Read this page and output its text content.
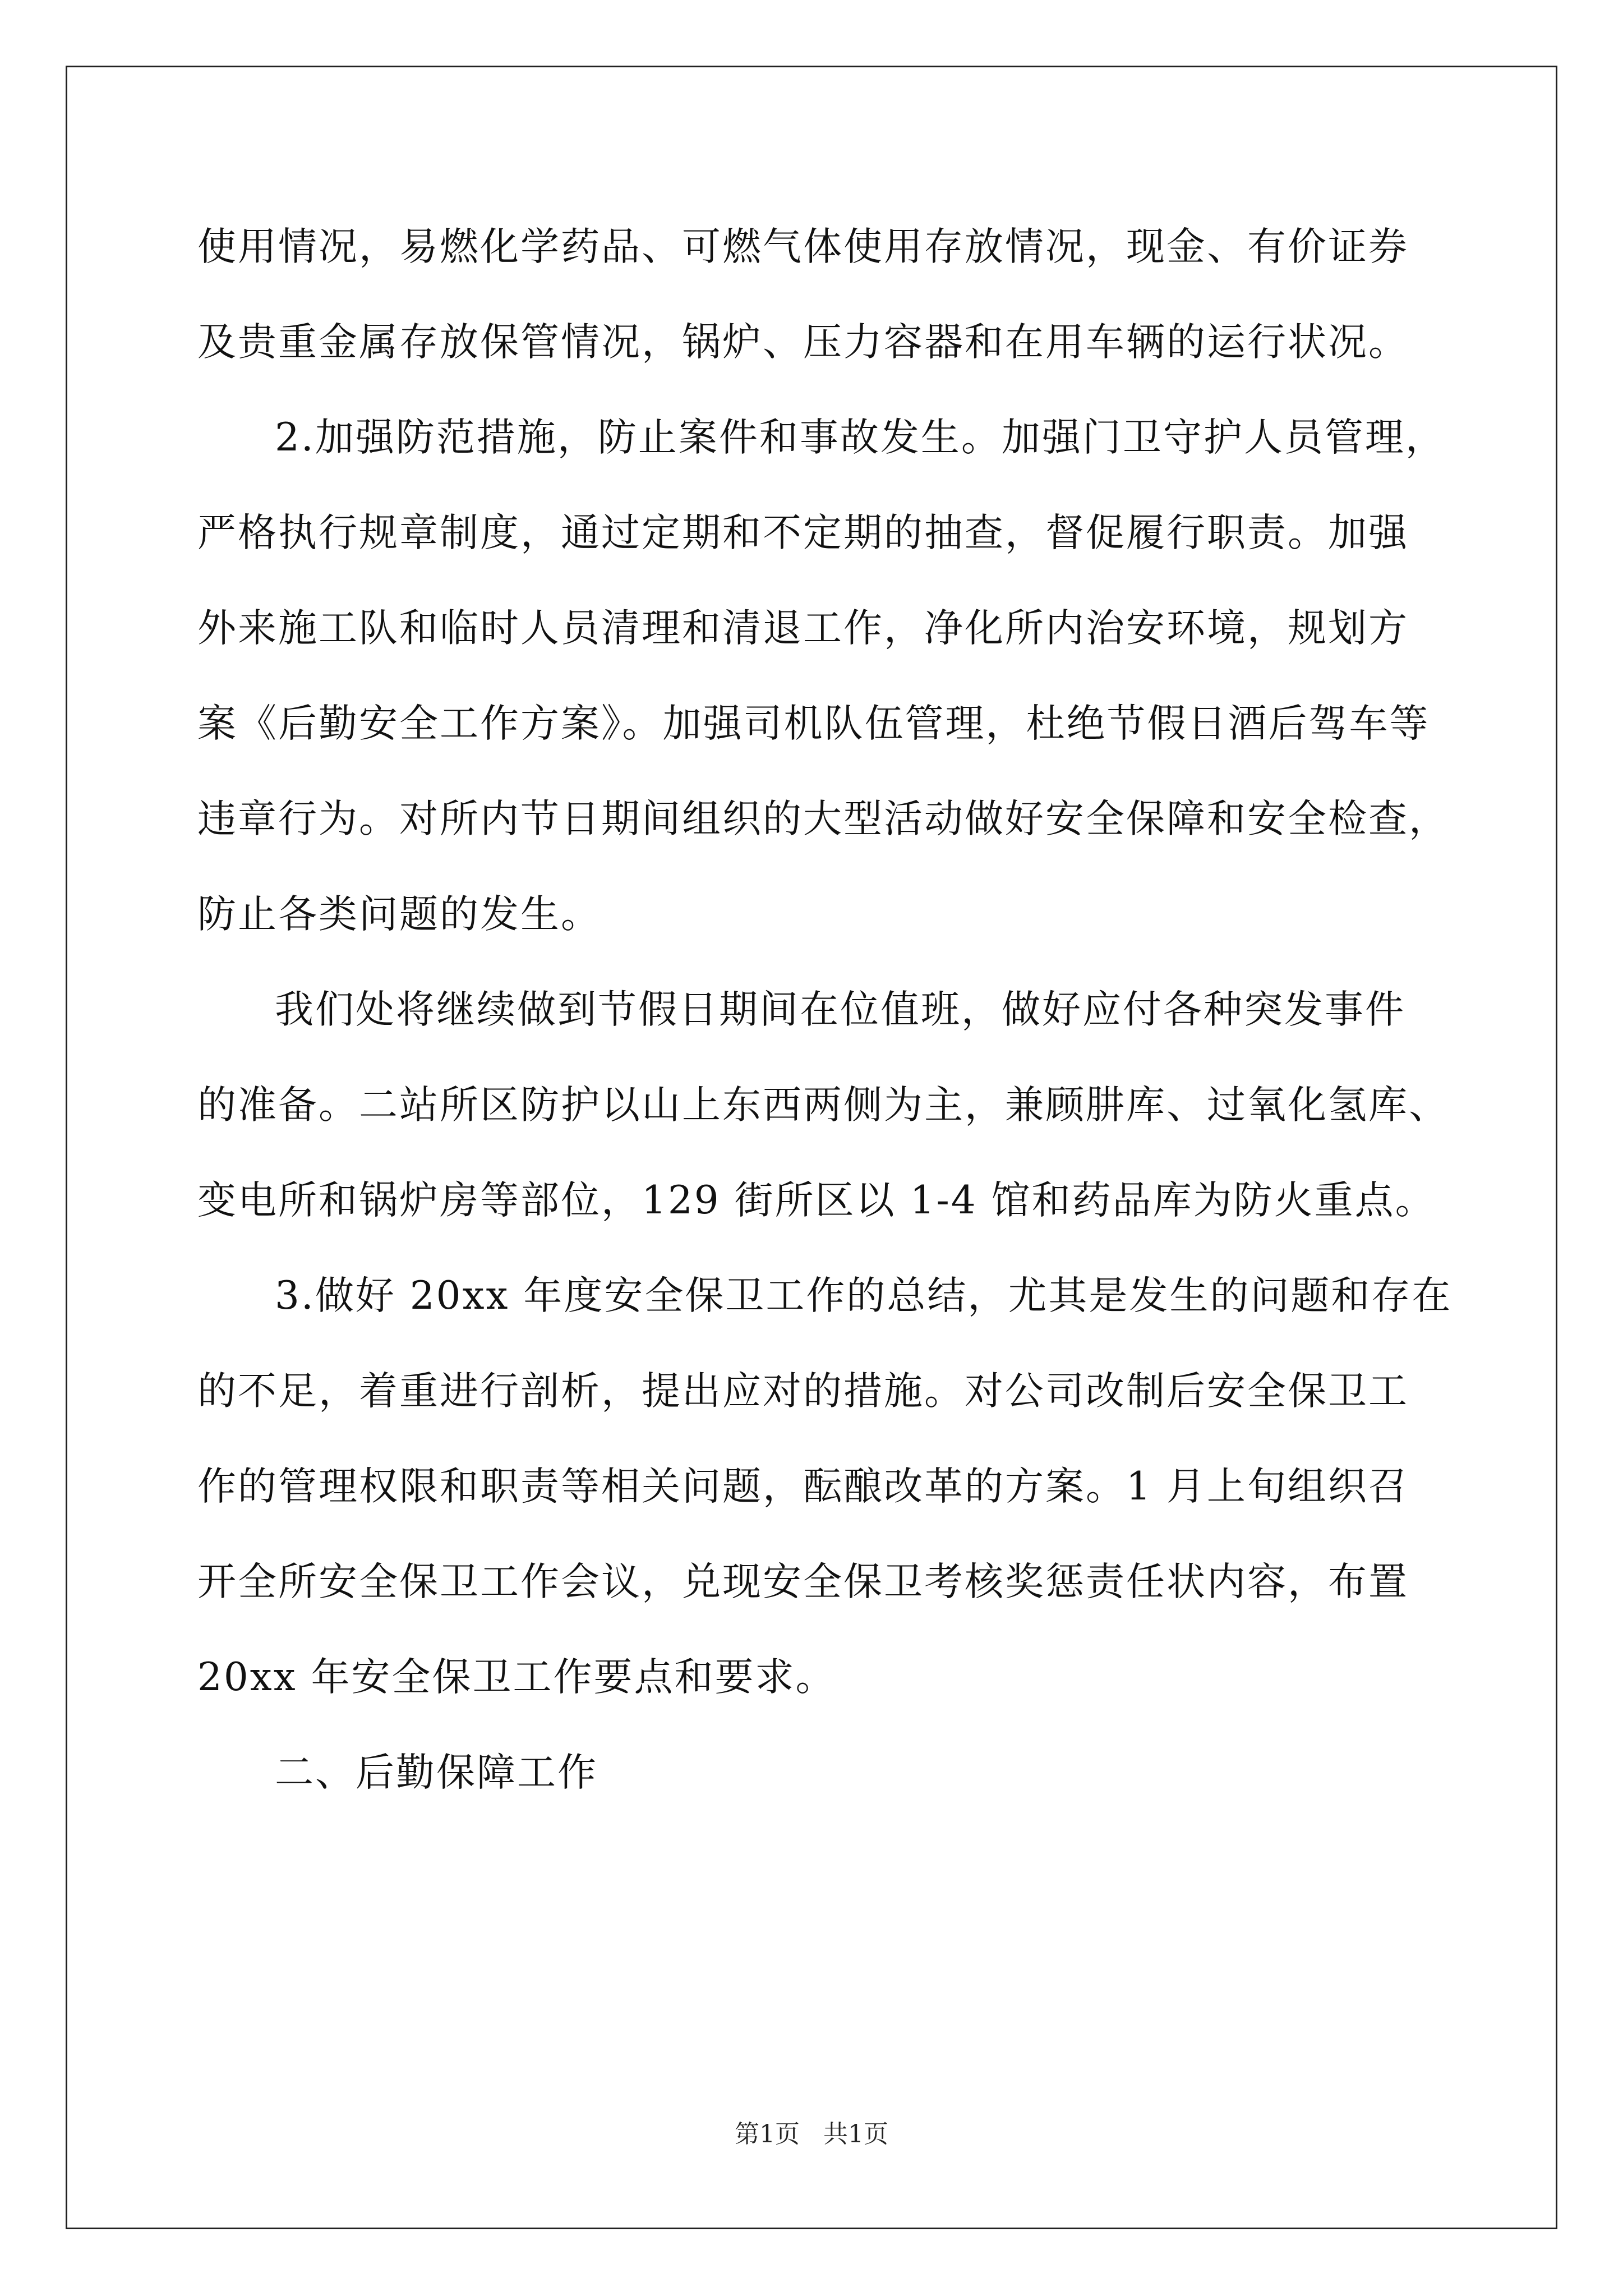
使用情况，易燃化学药品、可燃气体使用存放情况，现金、有价证券
及贵重金属存放保管情况，锅炉、压力容器和在用车辆的运行状况。
2.加强防范措施，防止案件和事故发生。加强门卫守护人员管理，
严格执行规章制度，通过定期和不定期的抽查，督促履行职责。加强
外来施工队和临时人员清理和清退工作，净化所内治安环境，规划方
案《后勤安全工作方案》。加强司机队伍管理，杜绝节假日酒后驾车等
违章行为。对所内节日期间组织的大型活动做好安全保障和安全检查，
防止各类问题的发生。
我们处将继续做到节假日期间在位值班，做好应付各种突发事件
的准备。二站所区防护以山上东西两侧为主，兼顾肼库、过氧化氢库、
变电所和锅炉房等部位，129 街所区以 1-4 馆和药品库为防火重点。
3.做好 20xx 年度安全保卫工作的总结，尤其是发生的问题和存在
的不足，着重进行剖析，提出应对的措施。对公司改制后安全保卫工
作的管理权限和职责等相关问题，酝酿改革的方案。1 月上旬组织召
开全所安全保卫工作会议，兑现安全保卫考核奖惩责任状内容，布置
20xx 年安全保卫工作要点和要求。
二、后勤保障工作
第1页   共1页
